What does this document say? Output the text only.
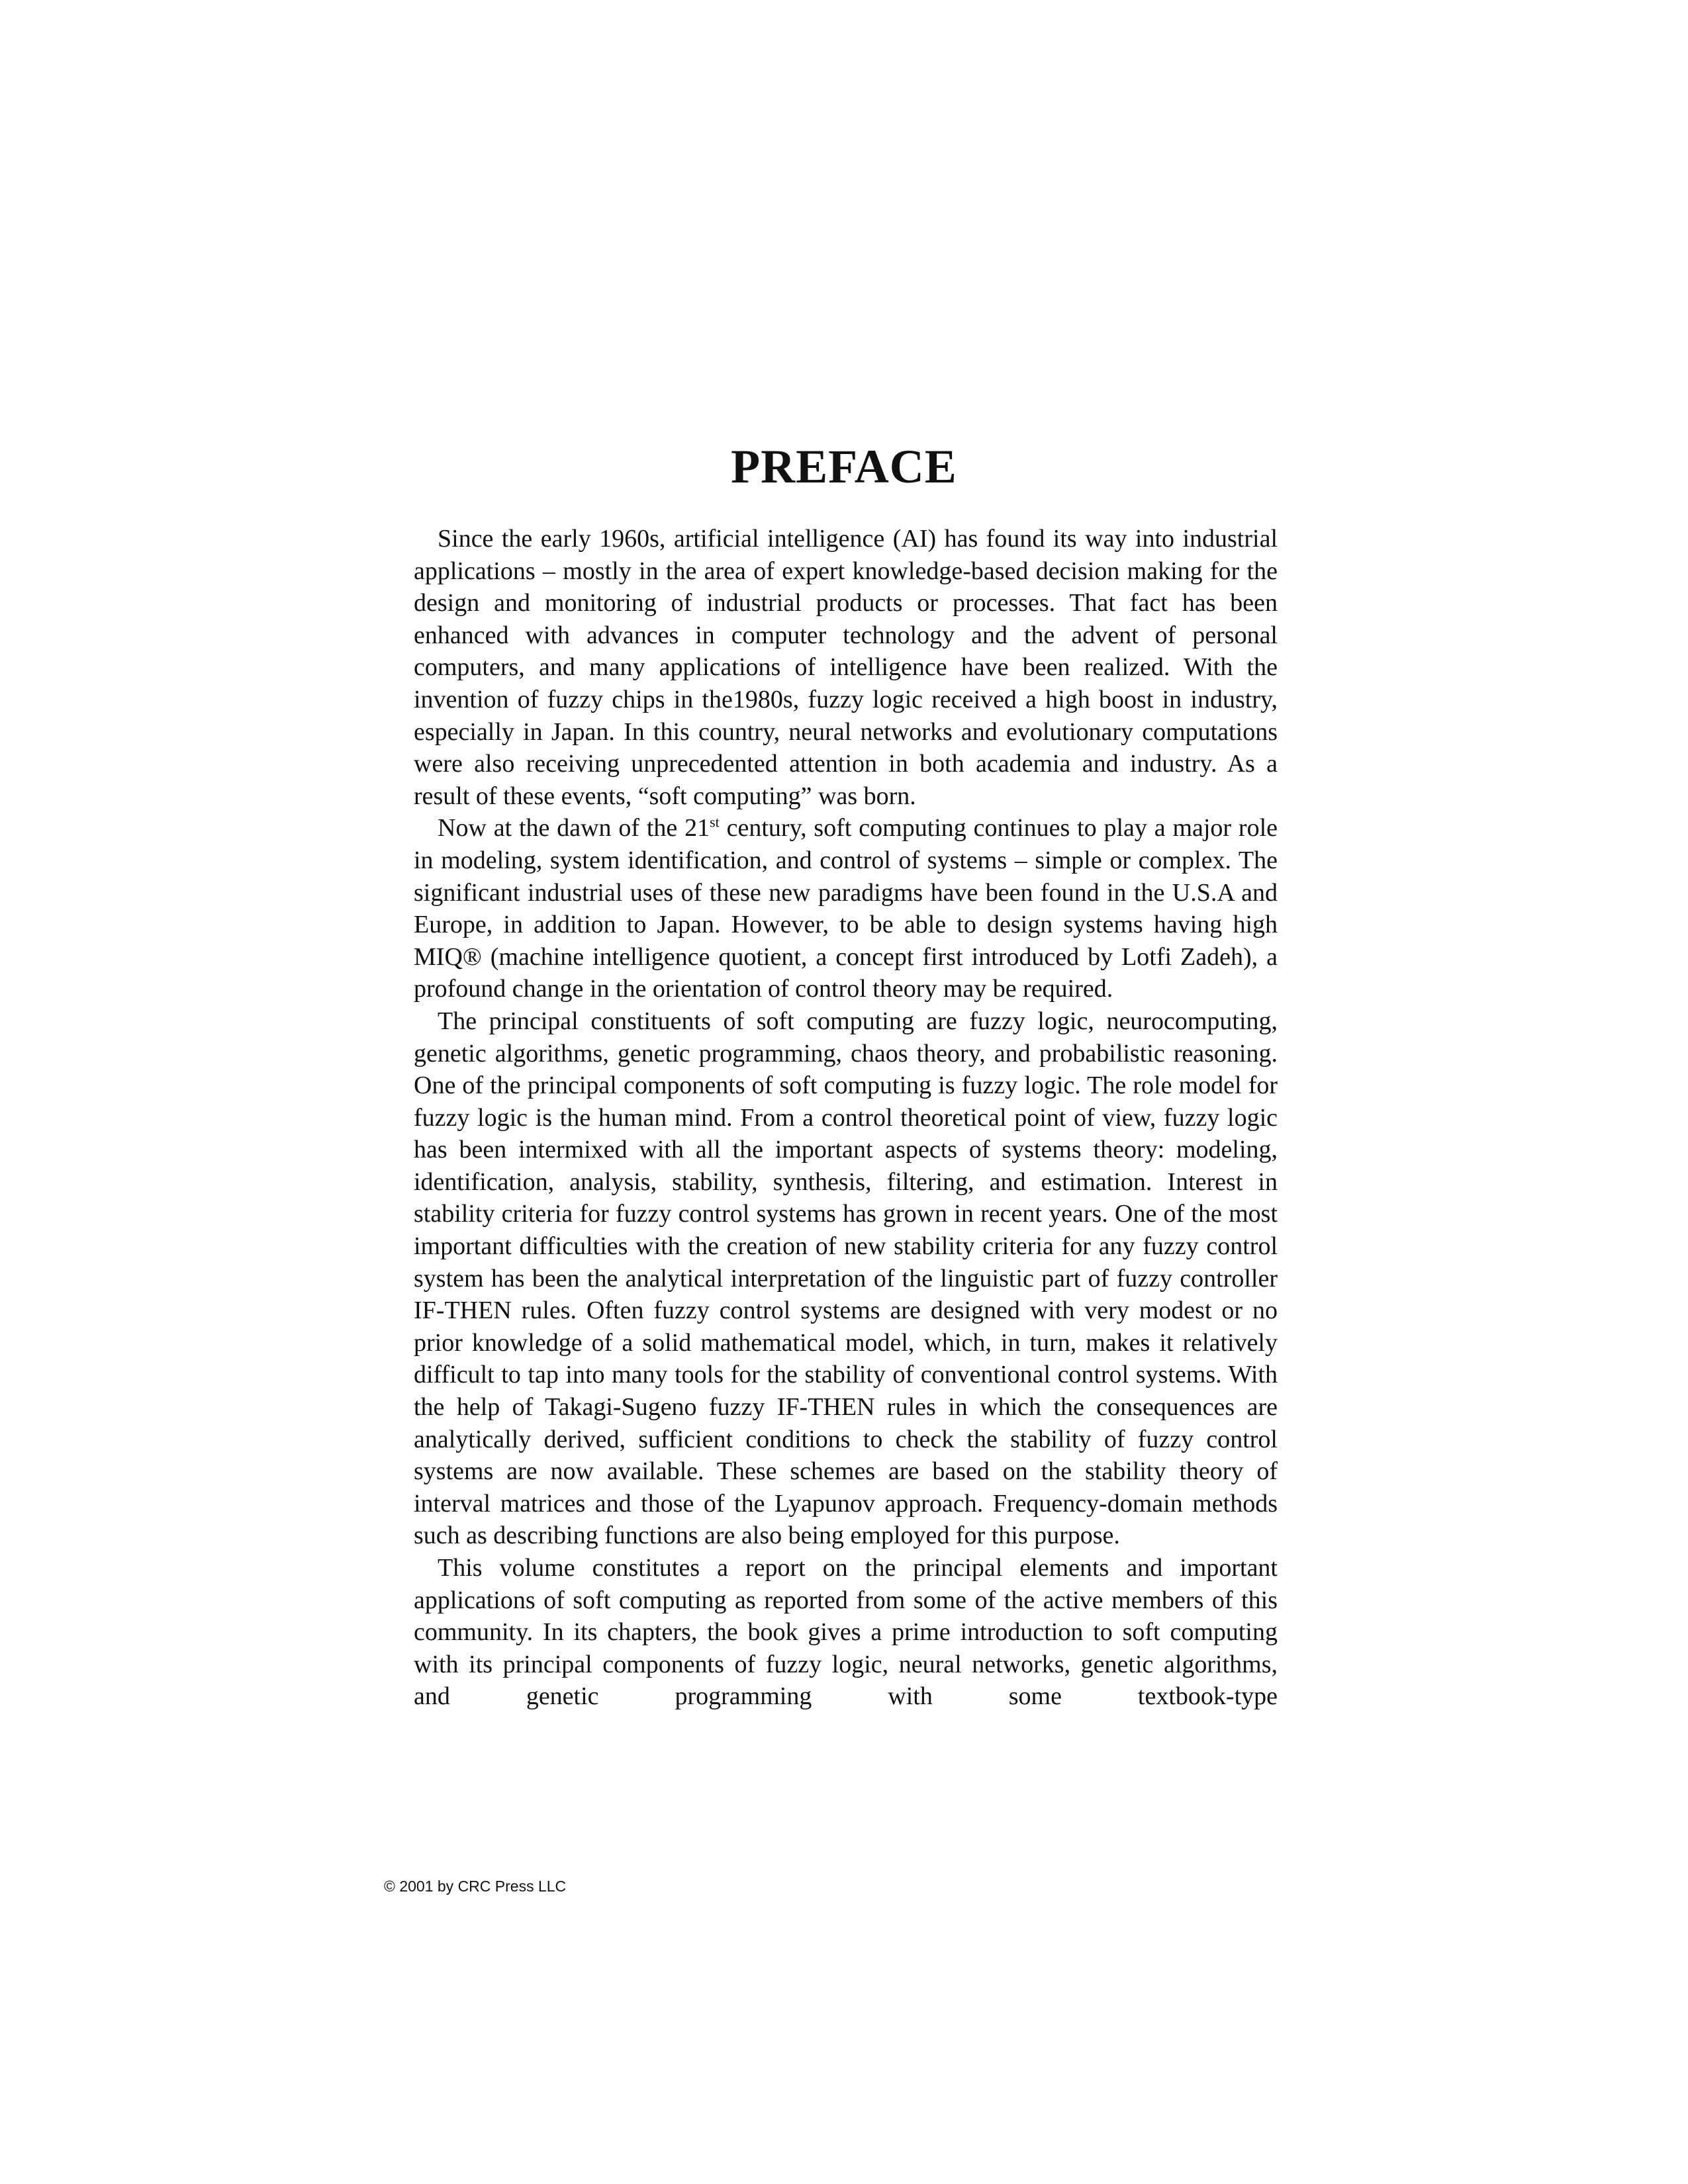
PREFACE

Since the early 1960s, artificial intelligence (AI) has found its way into industrial applications – mostly in the area of expert knowledge-based decision making for the design and monitoring of industrial products or processes. That fact has been enhanced with advances in computer technology and the advent of personal computers, and many applications of intelligence have been realized. With the invention of fuzzy chips in the1980s, fuzzy logic received a high boost in industry, especially in Japan. In this country, neural networks and evolutionary computations were also receiving unprecedented attention in both academia and industry. As a result of these events, “soft computing” was born.

Now at the dawn of the 21st century, soft computing continues to play a major role in modeling, system identification, and control of systems – simple or complex. The significant industrial uses of these new paradigms have been found in the U.S.A and Europe, in addition to Japan. However, to be able to design systems having high MIQ® (machine intelligence quotient, a concept first introduced by Lotfi Zadeh), a profound change in the orientation of control theory may be required.

The principal constituents of soft computing are fuzzy logic, neurocomputing, genetic algorithms, genetic programming, chaos theory, and probabilistic reasoning. One of the principal components of soft computing is fuzzy logic. The role model for fuzzy logic is the human mind. From a control theoretical point of view, fuzzy logic has been intermixed with all the important aspects of systems theory: modeling, identification, analysis, stability, synthesis, filtering, and estimation. Interest in stability criteria for fuzzy control systems has grown in recent years. One of the most important difficulties with the creation of new stability criteria for any fuzzy control system has been the analytical interpretation of the linguistic part of fuzzy controller IF-THEN rules. Often fuzzy control systems are designed with very modest or no prior knowledge of a solid mathematical model, which, in turn, makes it relatively difficult to tap into many tools for the stability of conventional control systems. With the help of Takagi-Sugeno fuzzy IF-THEN rules in which the consequences are analytically derived, sufficient conditions to check the stability of fuzzy control systems are now available. These schemes are based on the stability theory of interval matrices and those of the Lyapunov approach. Frequency-domain methods such as describing functions are also being employed for this purpose.

This volume constitutes a report on the principal elements and important applications of soft computing as reported from some of the active members of this community. In its chapters, the book gives a prime introduction to soft computing with its principal components of fuzzy logic, neural networks, genetic algorithms, and genetic programming with some textbook-type

© 2001 by CRC Press LLC
